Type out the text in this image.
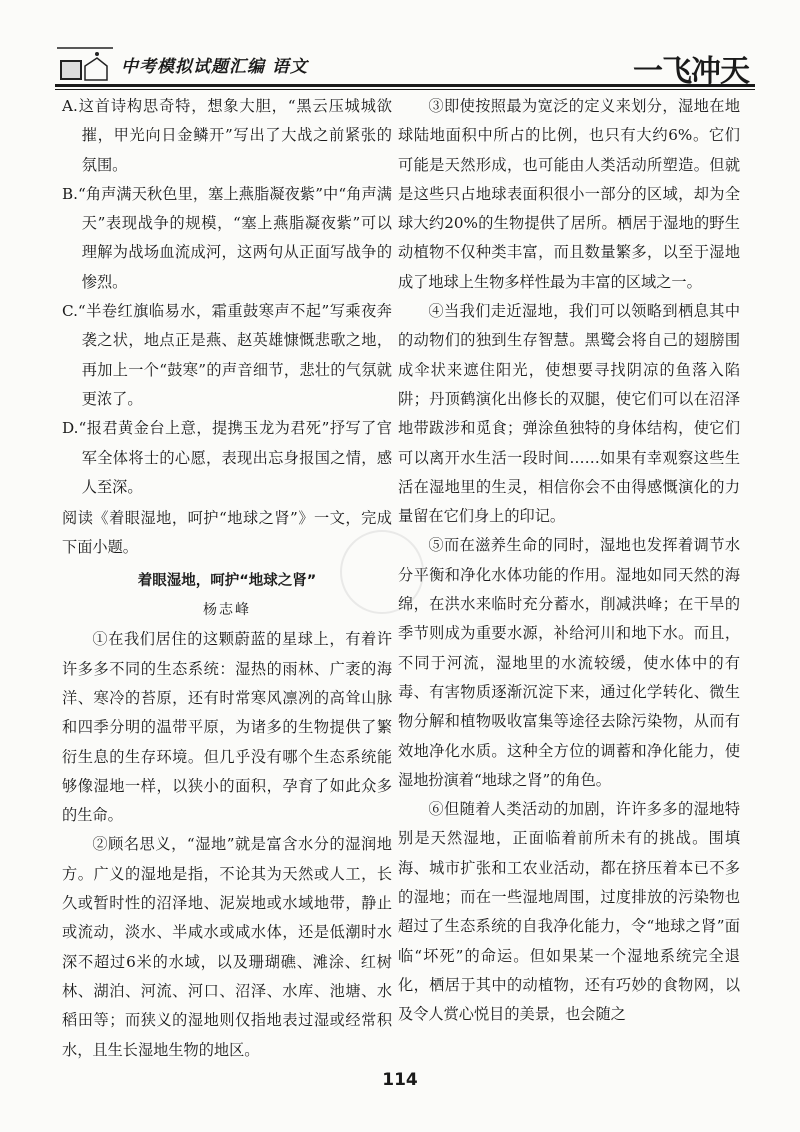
中考模拟试题汇编 语文	一飞冲天

A.这首诗构思奇特，想象大胆，“黑云压城城欲摧，甲光向日金鳞开”写出了大战之前紧张的氛围。

B.“角声满天秋色里，塞上燕脂凝夜紫”中“角声满天”表现战争的规模，“塞上燕脂凝夜紫”可以理解为战场血流成河，这两句从正面写战争的惨烈。

C.“半卷红旗临易水，霜重鼓寒声不起”写乘夜奔袭之状，地点正是燕、赵英雄慷慨悲歌之地，再加上一个“鼓寒”的声音细节，悲壮的气氛就更浓了。

D.“报君黄金台上意，提携玉龙为君死”抒写了官军全体将士的心愿，表现出忘身报国之情，感人至深。

阅读《着眼湿地，呵护“地球之肾”》一文，完成下面小题。

着眼湿地，呵护“地球之肾”

杨志峰

①在我们居住的这颗蔚蓝的星球上，有着许许多多不同的生态系统：湿热的雨林、广袤的海洋、寒冷的苔原，还有时常寒风凛冽的高耸山脉和四季分明的温带平原，为诸多的生物提供了繁衍生息的生存环境。但几乎没有哪个生态系统能够像湿地一样，以狭小的面积，孕育了如此众多的生命。

②顾名思义，“湿地”就是富含水分的湿润地方。广义的湿地是指，不论其为天然或人工，长久或暂时性的沼泽地、泥炭地或水域地带，静止或流动，淡水、半咸水或咸水体，还是低潮时水深不超过6米的水域，以及珊瑚礁、滩涂、红树林、湖泊、河流、河口、沼泽、水库、池塘、水稻田等；而狭义的湿地则仅指地表过湿或经常积水，且生长湿地生物的地区。

③即使按照最为宽泛的定义来划分，湿地在地球陆地面积中所占的比例，也只有大约6%。它们可能是天然形成，也可能由人类活动所塑造。但就是这些只占地球表面积很小一部分的区域，却为全球大约20%的生物提供了居所。栖居于湿地的野生动植物不仅种类丰富，而且数量繁多，以至于湿地成了地球上生物多样性最为丰富的区域之一。

④当我们走近湿地，我们可以领略到栖息其中的动物们的独到生存智慧。黑鹭会将自己的翅膀围成伞状来遮住阳光，使想要寻找阴凉的鱼落入陷阱；丹顶鹤演化出修长的双腿，使它们可以在沼泽地带跋涉和觅食；弹涂鱼独特的身体结构，使它们可以离开水生活一段时间……如果有幸观察这些生活在湿地里的生灵，相信你会不由得感慨演化的力量留在它们身上的印记。

⑤而在滋养生命的同时，湿地也发挥着调节水分平衡和净化水体功能的作用。湿地如同天然的海绵，在洪水来临时充分蓄水，削减洪峰；在干旱的季节则成为重要水源，补给河川和地下水。而且，不同于河流，湿地里的水流较缓，使水体中的有毒、有害物质逐渐沉淀下来，通过化学转化、微生物分解和植物吸收富集等途径去除污染物，从而有效地净化水质。这种全方位的调蓄和净化能力，使湿地扮演着“地球之肾”的角色。

⑥但随着人类活动的加剧，许许多多的湿地特别是天然湿地，正面临着前所未有的挑战。围填海、城市扩张和工农业活动，都在挤压着本已不多的湿地；而在一些湿地周围，过度排放的污染物也超过了生态系统的自我净化能力，令“地球之肾”面临“坏死”的命运。但如果某一个湿地系统完全退化，栖居于其中的动植物，还有巧妙的食物网，以及令人赏心悦目的美景，也会随之

114
